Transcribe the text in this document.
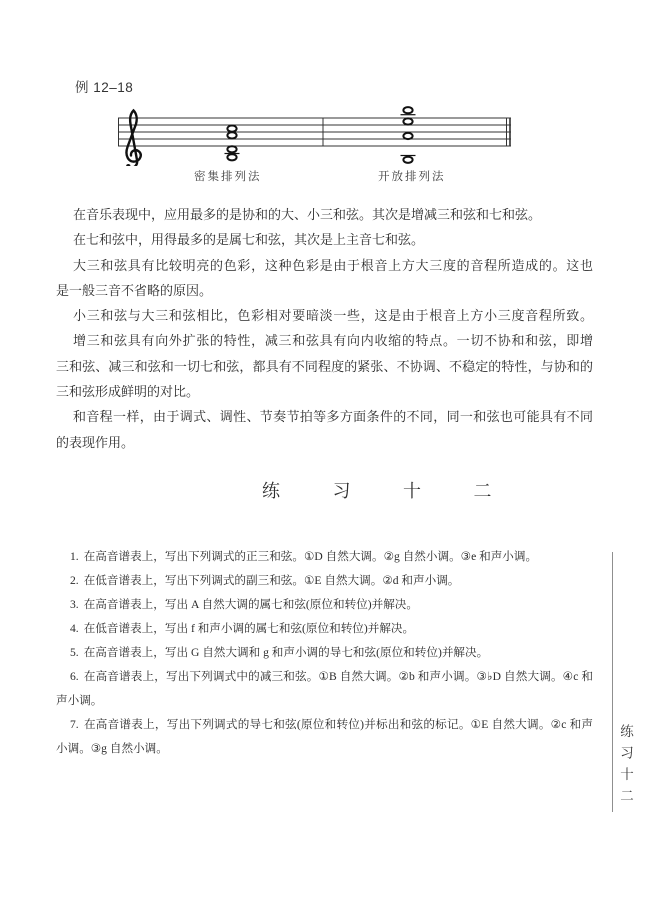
例 12–18
密集排列法	开放排列法
在音乐表现中，应用最多的是协和的大、小三和弦。其次是增减三和弦和七和弦。
在七和弦中，用得最多的是属七和弦，其次是上主音七和弦。
大三和弦具有比较明亮的色彩，这种色彩是由于根音上方大三度的音程所造成的。这也
是一般三音不省略的原因。
小三和弦与大三和弦相比，色彩相对要暗淡一些，这是由于根音上方小三度音程所致。
增三和弦具有向外扩张的特性，减三和弦具有向内收缩的特点。一切不协和和弦，即增
三和弦、减三和弦和一切七和弦，都具有不同程度的紧张、不协调、不稳定的特性，与协和的
三和弦形成鲜明的对比。
和音程一样，由于调式、调性、节奏节拍等多方面条件的不同，同一和弦也可能具有不同
的表现作用。
练 习 十 二
1. 在高音谱表上，写出下列调式的正三和弦。①D 自然大调。②g 自然小调。③e 和声小调。
2. 在低音谱表上，写出下列调式的副三和弦。①E 自然大调。②d 和声小调。
3. 在高音谱表上，写出 A 自然大调的属七和弦(原位和转位)并解决。
4. 在低音谱表上，写出 f 和声小调的属七和弦(原位和转位)并解决。
5. 在高音谱表上，写出 G 自然大调和 g 和声小调的导七和弦(原位和转位)并解决。
6. 在高音谱表上，写出下列调式中的减三和弦。①B 自然大调。②b 和声小调。③♭D 自然大调。④c 和
声小调。
7. 在高音谱表上，写出下列调式的导七和弦(原位和转位)并标出和弦的标记。①E 自然大调。②c 和声
小调。③g 自然小调。	练习十二
